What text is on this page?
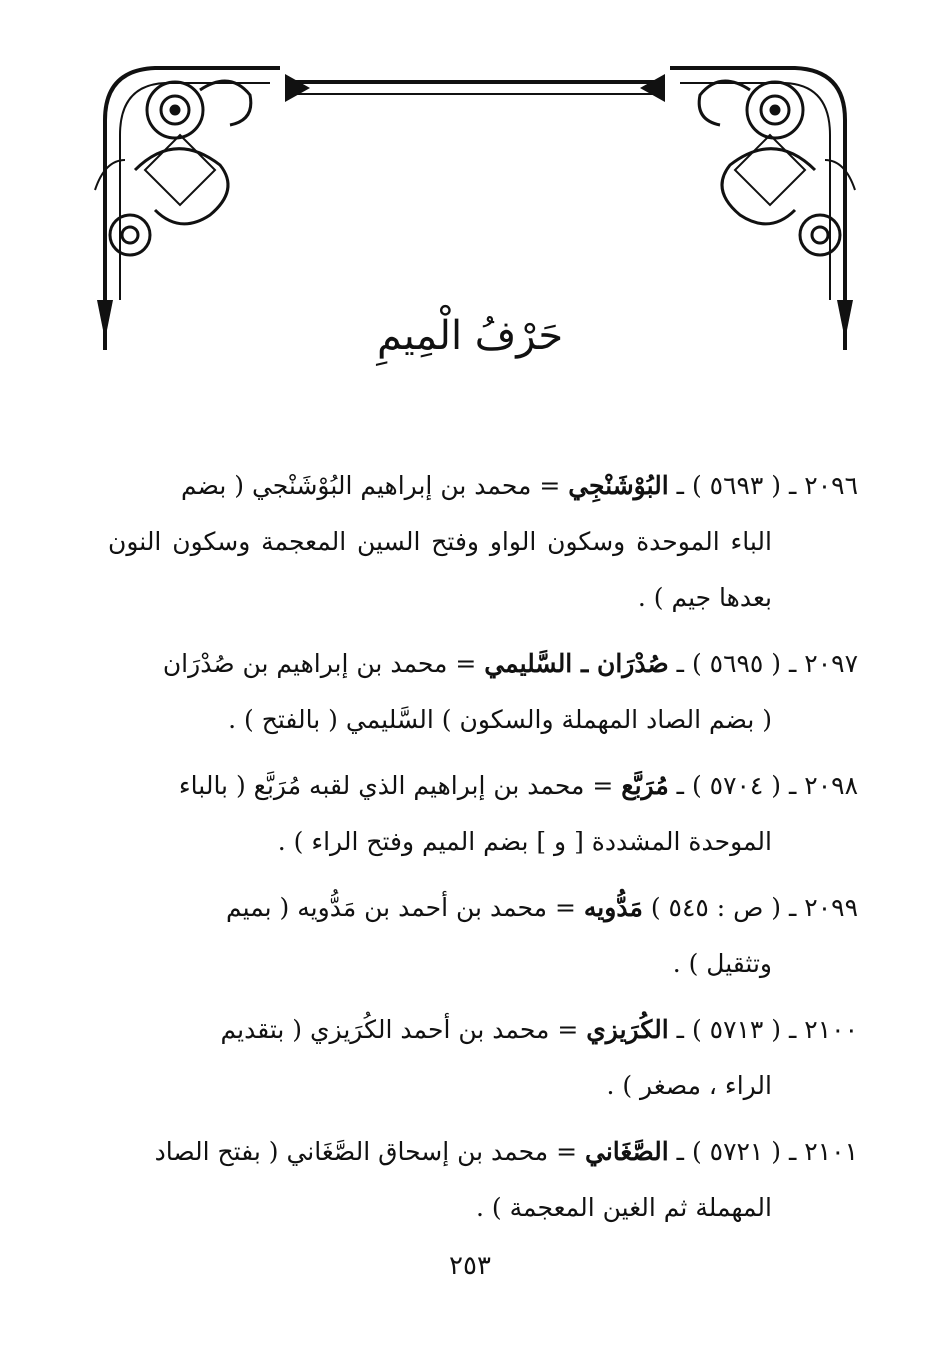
حَرْفُ الْمِيمِ
٢٠٩٦ ـ ( ٥٦٩٣ ) ـ البُوْشَنْجِي = محمد بن إبراهيم البُوْشَنْجي ( بضم
الباء الموحدة وسكون الواو وفتح السين المعجمة وسكون النون بعدها جيم ) .
٢٠٩٧ ـ ( ٥٦٩٥ ) ـ صُدْرَان ـ السَّليمي = محمد بن إبراهيم بن صُدْرَان
( بضم الصاد المهملة والسكون ) السَّليمي ( بالفتح ) .
٢٠٩٨ ـ ( ٥٧٠٤ ) ـ مُرَبَّع = محمد بن إبراهيم الذي لقبه مُرَبَّع ( بالباء
الموحدة المشددة [ و ] بضم الميم وفتح الراء ) .
٢٠٩٩ ـ ( ص : ٥٤٥ ) مَدُّويه = محمد بن أحمد بن مَدُّويه ( بميم
وتثقيل ) .
٢١٠٠ ـ ( ٥٧١٣ ) ـ الكُرَيزي = محمد بن أحمد الكُرَيزي ( بتقديم
الراء ، مصغر ) .
٢١٠١ ـ ( ٥٧٢١ ) ـ الصَّغَاني = محمد بن إسحاق الصَّغَاني ( بفتح الصاد
المهملة ثم الغين المعجمة ) .
٢٥٣
